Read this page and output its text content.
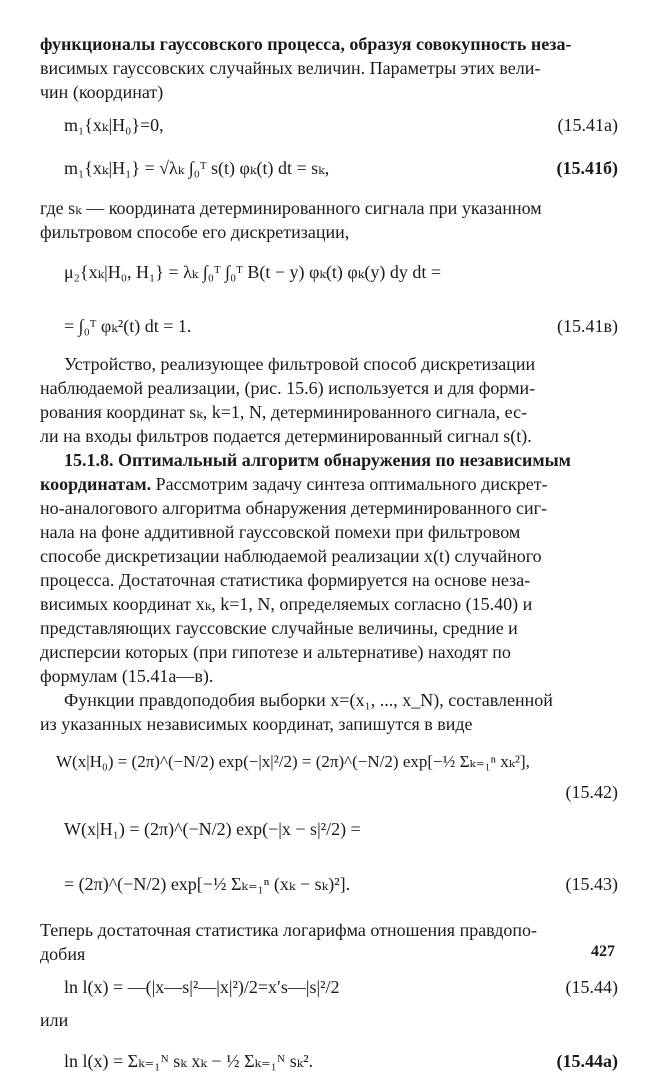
функционалы гауссовского процесса, образуя совокупность неза-

висимых гауссовских случайных величин. Параметры этих вели-

чин (координат)

m₁{xₖ|H₀}=0,	(15.41а)
m₁{xₖ|H₁} = √λₖ ∫₀ᵀ s(t) φₖ(t) dt = sₖ,	(15.41б)

где sₖ — координата детерминированного сигнала при указанном

фильтровом способе его дискретизации,

μ₂{xₖ|H₀, H₁} = λₖ ∫₀ᵀ ∫₀ᵀ B(t − y) φₖ(t) φₖ(y) dy dt =
= ∫₀ᵀ φₖ²(t) dt = 1.	(15.41в)

Устройство, реализующее фильтровой способ дискретизации

наблюдаемой реализации, (рис. 15.6) используется и для форми-

рования координат sₖ, k=1, N, детерминированного сигнала, ес-

ли на входы фильтров подается детерминированный сигнал s(t).

15.1.8. Оптимальный алгоритм обнаружения по независимым

координатам. Рассмотрим задачу синтеза оптимального дискрет-

но-аналогового алгоритма обнаружения детерминированного сиг-

нала на фоне аддитивной гауссовской помехи при фильтровом

способе дискретизации наблюдаемой реализации x(t) случайного

процесса. Достаточная статистика формируется на основе неза-

висимых координат xₖ, k=1, N, определяемых согласно (15.40) и

представляющих гауссовские случайные величины, средние и

дисперсии которых (при гипотезе и альтернативе) находят по

формулам (15.41а—в).

Функции правдоподобия выборки x=(x₁, ..., x_N), составленной

из указанных независимых координат, запишутся в виде

W(x|H₀) = (2π)^(−N/2) exp(−|x|²/2) = (2π)^(−N/2) exp[−½ Σₖ₌₁ⁿ xₖ²],
(15.42)
W(x|H₁) = (2π)^(−N/2) exp(−|x − s|²/2) =
= (2π)^(−N/2) exp[−½ Σₖ₌₁ⁿ (xₖ − sₖ)²].	(15.43)

Теперь достаточная статистика логарифма отношения правдопо-

добия

ln l(x) = —(|x—s|²—|x|²)/2=x′s—|s|²/2	(15.44)

или

ln l(x) = Σₖ₌₁ᴺ sₖ xₖ − ½ Σₖ₌₁ᴺ sₖ².	(15.44а)
427
